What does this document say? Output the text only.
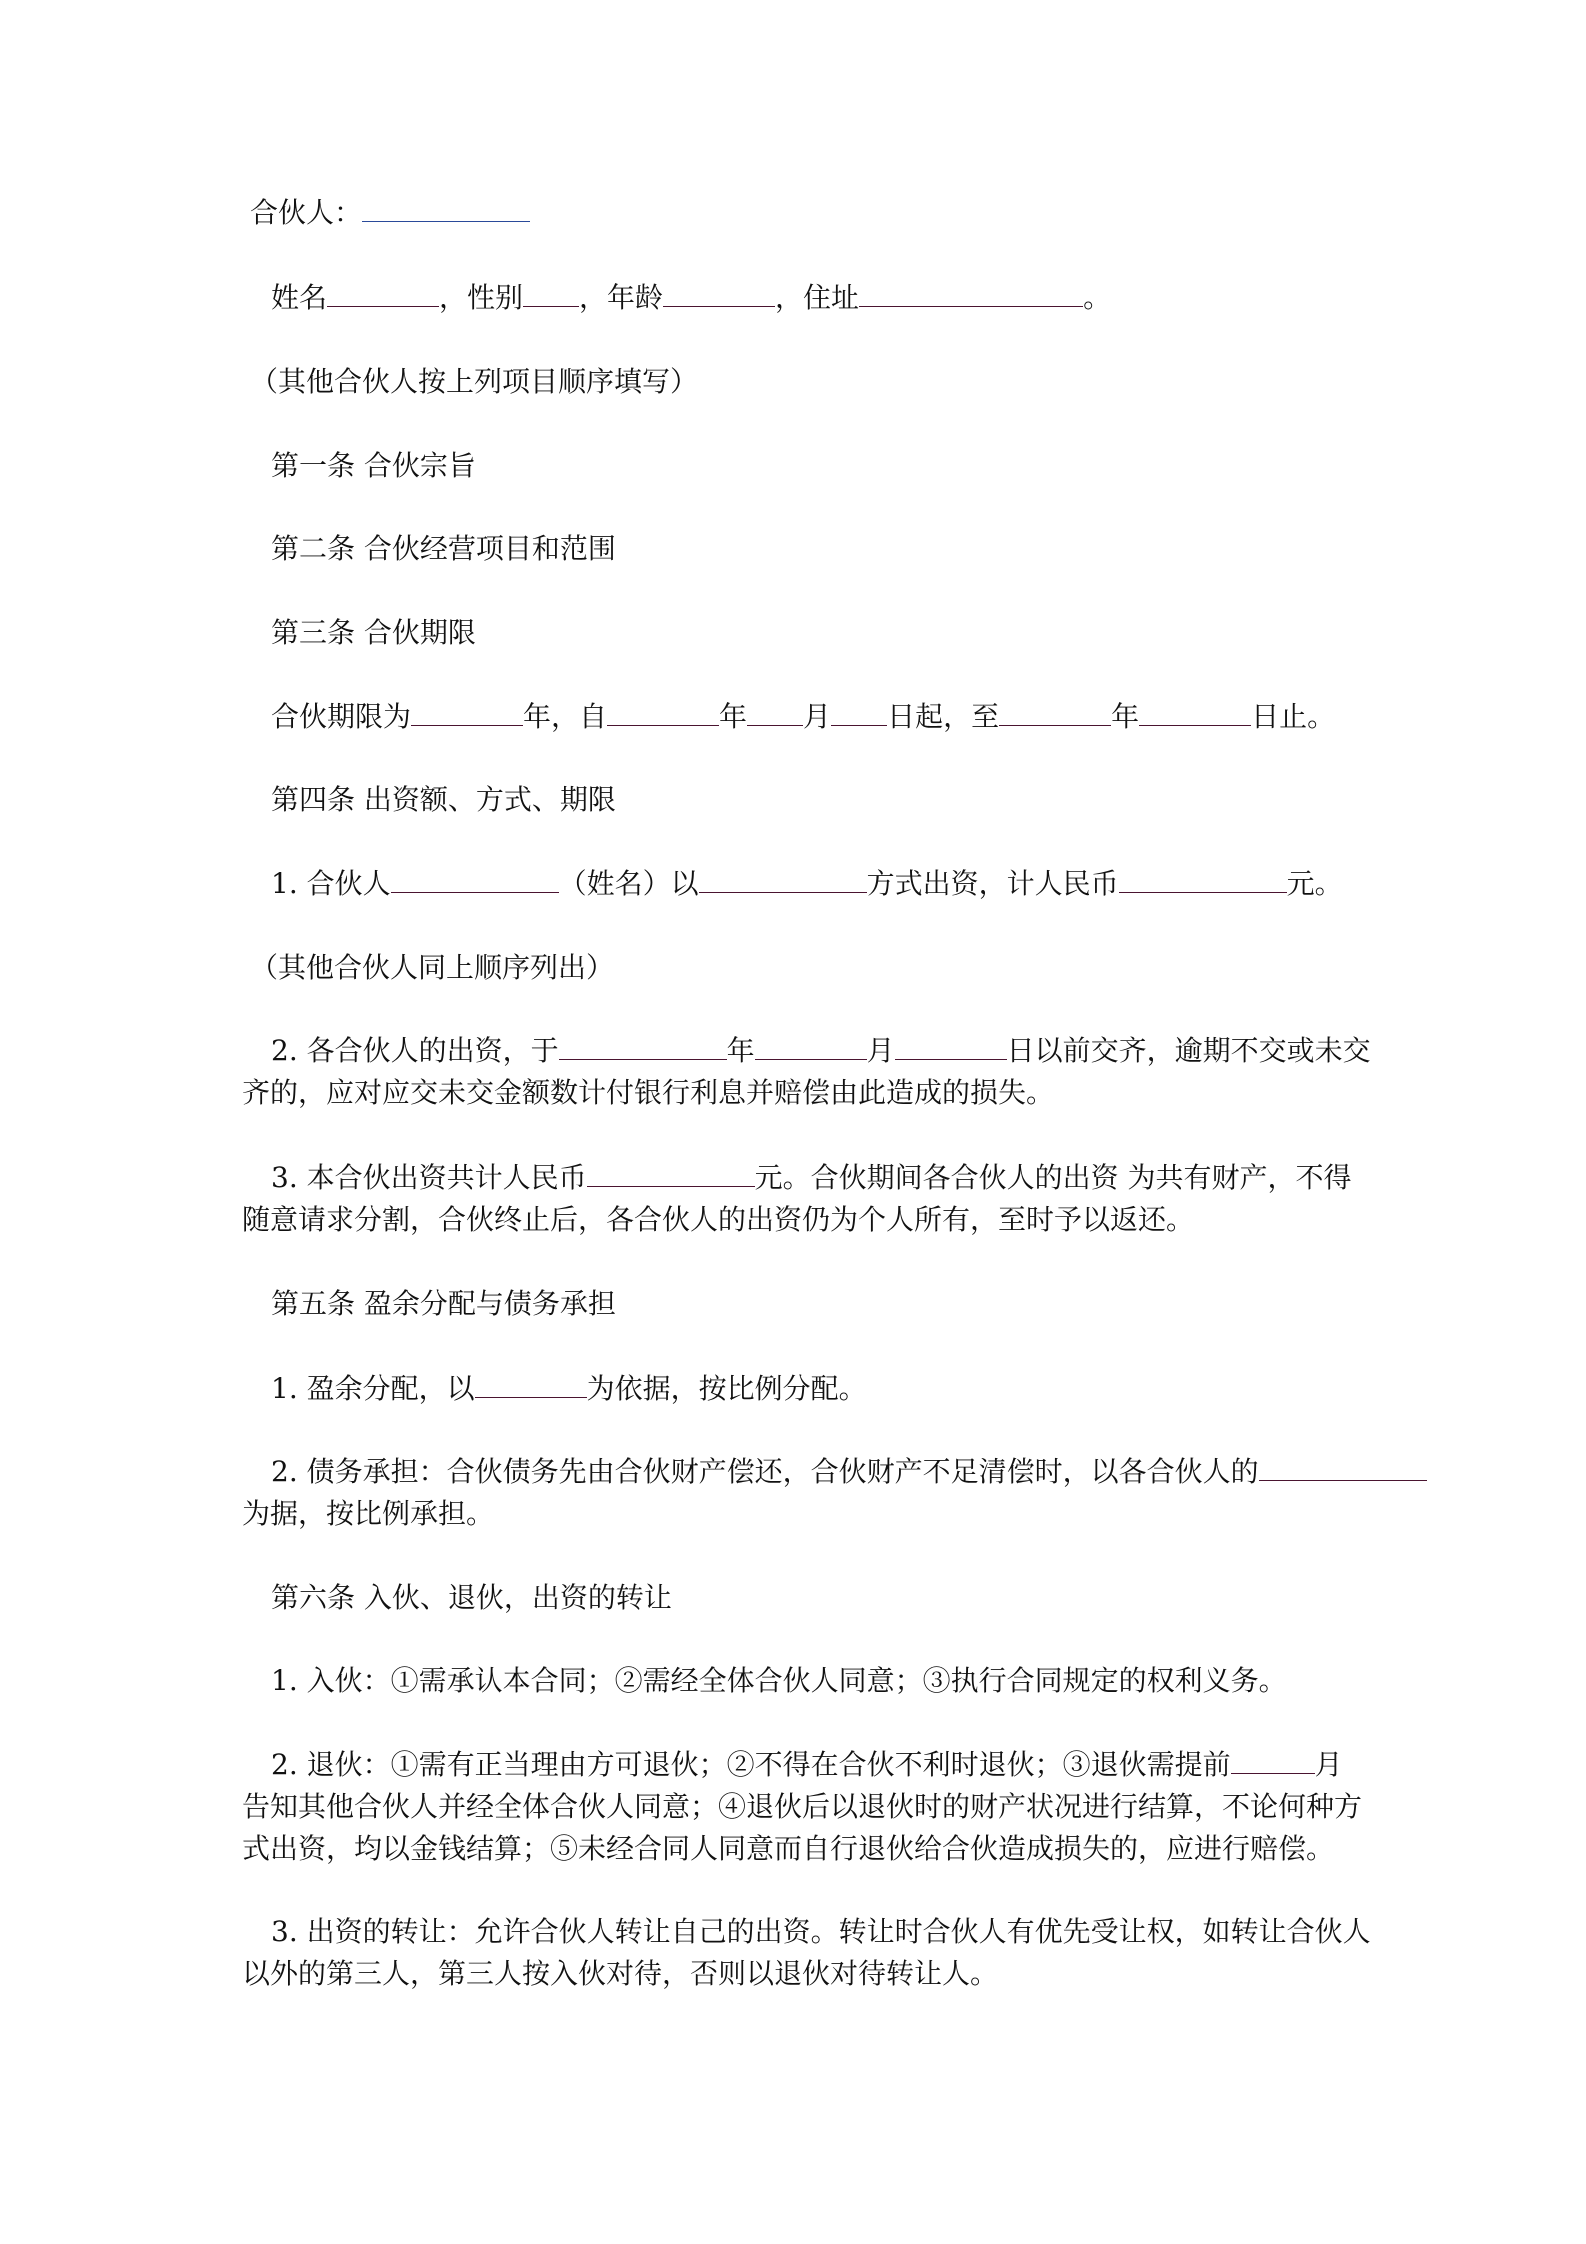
合伙人：
姓名	，性别 ，年龄	，住址	。
（其他合伙人按上列项目顺序填写）
第一条 合伙宗旨
第二条 合伙经营项目和范围
第三条 合伙期限
合伙期限为	年，自	年 月 日起，至	年	日止。
第四条 出资额、方式、期限
1. 合伙人	（姓名）以	方式出资，计人民币	元。
（其他合伙人同上顺序列出）
2. 各合伙人的出资，于	年	月	日以前交齐，逾期不交或未交
齐的，应对应交未交金额数计付银行利息并赔偿由此造成的损失。
3. 本合伙出资共计人民币	元。合伙期间各合伙人的出资 为共有财产，不得
随意请求分割，合伙终止后，各合伙人的出资仍为个人所有，至时予以返还。
第五条 盈余分配与债务承担
1. 盈余分配，以	为依据，按比例分配。
2. 债务承担：合伙债务先由合伙财产偿还，合伙财产不足清偿时，以各合伙人的
为据，按比例承担。
第六条 入伙、退伙，出资的转让
1. 入伙：①需承认本合同；②需经全体合伙人同意；③执行合同规定的权利义务。
2. 退伙：①需有正当理由方可退伙；②不得在合伙不利时退伙；③退伙需提前	月
告知其他合伙人并经全体合伙人同意；④退伙后以退伙时的财产状况进行结算，不论何种方
式出资，均以金钱结算；⑤未经合同人同意而自行退伙给合伙造成损失的，应进行赔偿。
3. 出资的转让：允许合伙人转让自己的出资。转让时合伙人有优先受让权，如转让合伙人
以外的第三人，第三人按入伙对待，否则以退伙对待转让人。
